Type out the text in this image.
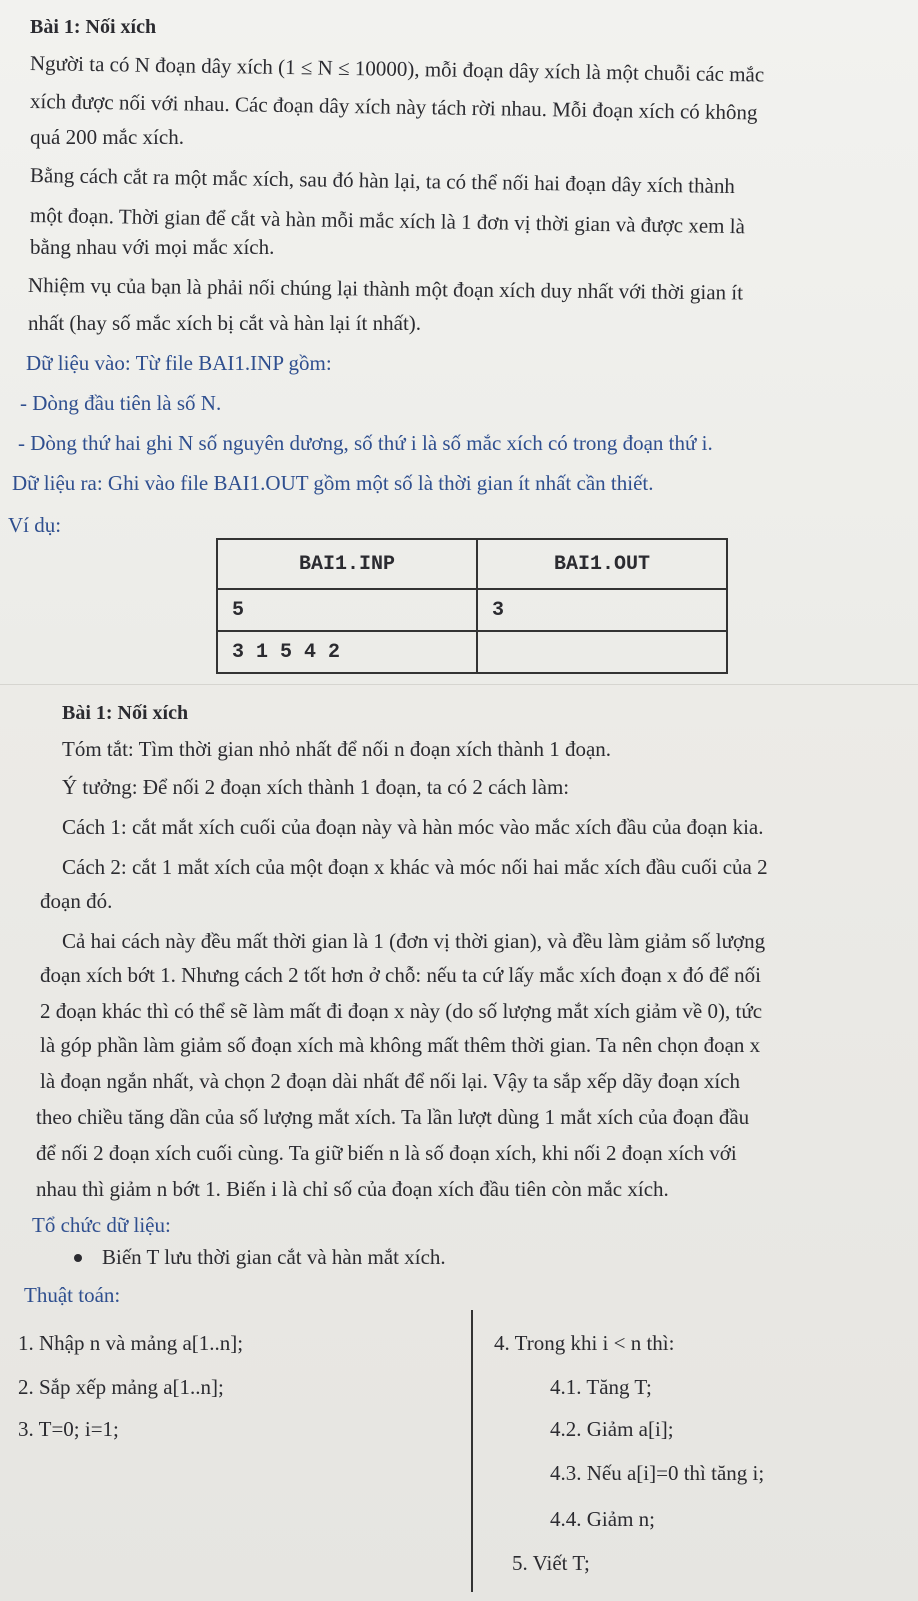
Bài 1: Nối xích
Người ta có N đoạn dây xích (1 ≤ N ≤ 10000), mỗi đoạn dây xích là một chuỗi các mắc
xích được nối với nhau. Các đoạn dây xích này tách rời nhau. Mỗi đoạn xích có không
quá 200 mắc xích.
Bằng cách cắt ra một mắc xích, sau đó hàn lại, ta có thể nối hai đoạn dây xích thành
một đoạn. Thời gian để cắt và hàn mỗi mắc xích là 1 đơn vị thời gian và được xem là
bằng nhau với mọi mắc xích.
Nhiệm vụ của bạn là phải nối chúng lại thành một đoạn xích duy nhất với thời gian ít
nhất (hay số mắc xích bị cắt và hàn lại ít nhất).
Dữ liệu vào: Từ file BAI1.INP gồm:
- Dòng đầu tiên là số N.
- Dòng thứ hai ghi N số nguyên dương, số thứ i là số mắc xích có trong đoạn thứ i.
Dữ liệu ra: Ghi vào file BAI1.OUT gồm một số là thời gian ít nhất cần thiết.
Ví dụ:
BAI1.INP	BAI1.OUT
5	3
3 1 5 4 2	
Bài 1: Nối xích
Tóm tắt: Tìm thời gian nhỏ nhất để nối n đoạn xích thành 1 đoạn.
Ý tưởng: Để nối 2 đoạn xích thành 1 đoạn, ta có 2 cách làm:
Cách 1: cắt mắt xích cuối của đoạn này và hàn móc vào mắc xích đầu của đoạn kia.
Cách 2: cắt 1 mắt xích của một đoạn x khác và móc nối hai mắc xích đầu cuối của 2
đoạn đó.
Cả hai cách này đều mất thời gian là 1 (đơn vị thời gian), và đều làm giảm số lượng
đoạn xích bớt 1. Nhưng cách 2 tốt hơn ở chỗ: nếu ta cứ lấy mắc xích đoạn x đó để nối
2 đoạn khác thì có thể sẽ làm mất đi đoạn x này (do số lượng mắt xích giảm về 0), tức
là góp phần làm giảm số đoạn xích mà không mất thêm thời gian. Ta nên chọn đoạn x
là đoạn ngắn nhất, và chọn 2 đoạn dài nhất để nối lại. Vậy ta sắp xếp dãy đoạn xích
theo chiều tăng dần của số lượng mắt xích. Ta lần lượt dùng 1 mắt xích của đoạn đầu
để nối 2 đoạn xích cuối cùng. Ta giữ biến n là số đoạn xích, khi nối 2 đoạn xích với
nhau thì giảm n bớt 1. Biến i là chỉ số của đoạn xích đầu tiên còn mắc xích.
Tổ chức dữ liệu:
Biến T lưu thời gian cắt và hàn mắt xích.
Thuật toán:
1. Nhập n và mảng a[1..n];
2. Sắp xếp mảng a[1..n];
3. T=0; i=1;
4. Trong khi i < n thì:
4.1. Tăng T;
4.2. Giảm a[i];
4.3. Nếu a[i]=0 thì tăng i;
4.4. Giảm n;
5. Viết T;
